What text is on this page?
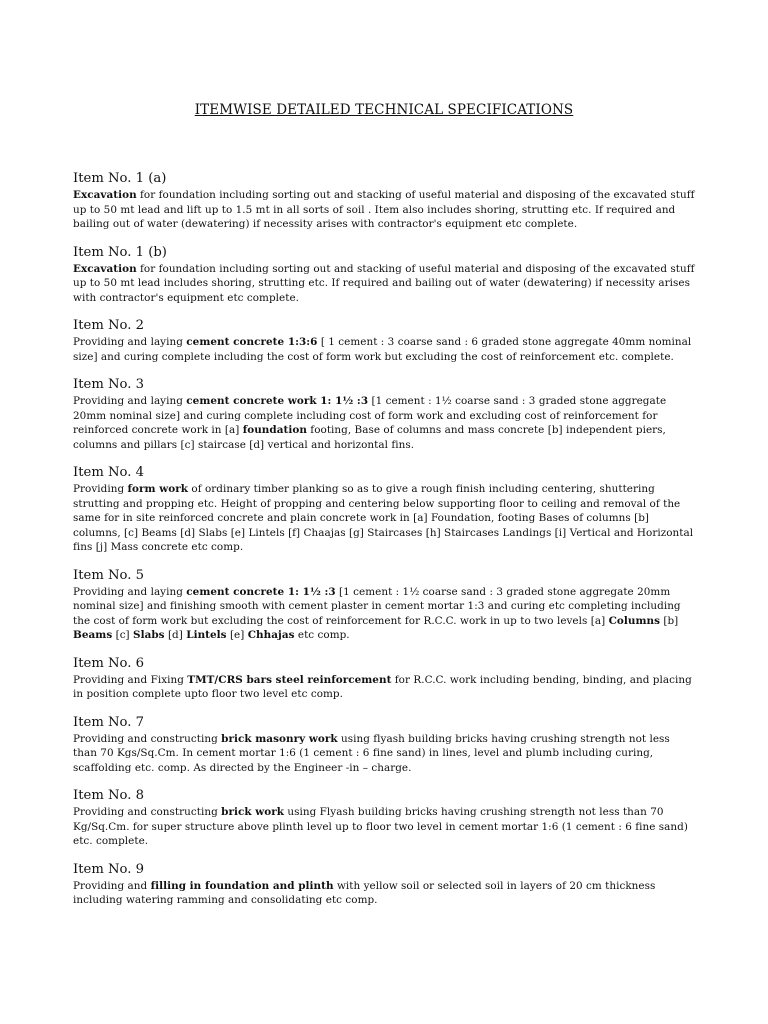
ITEMWISE DETAILED TECHNICAL SPECIFICATIONS
Item No. 1 (a)
Excavation for foundation including sorting out and stacking of useful material and disposing of the excavated stuff up to 50 mt lead and lift up to 1.5 mt in all sorts of soil . Item also includes shoring, strutting etc. If required and bailing out of water (dewatering) if necessity arises with contractor's equipment etc complete.
Item No. 1 (b)
Excavation for foundation including sorting out and stacking of useful material and disposing of the excavated stuff up to 50 mt lead includes shoring, strutting etc. If required and bailing out of water (dewatering) if necessity arises with contractor's equipment etc complete.
Item No. 2
Providing and laying cement concrete 1:3:6 [ 1 cement : 3 coarse sand : 6 graded stone aggregate 40mm nominal size] and curing complete including the cost of form work but excluding the cost of reinforcement etc. complete.
Item No. 3
Providing and laying cement concrete work 1: 1½ :3 [1 cement : 1½ coarse sand : 3 graded stone aggregate 20mm nominal size] and curing complete including cost of form work and excluding cost of reinforcement for reinforced concrete work in [a] foundation footing, Base of columns and mass concrete [b] independent piers, columns and pillars [c] staircase [d] vertical and horizontal fins.
Item No. 4
Providing form work of ordinary timber planking so as to give a rough finish including centering, shuttering strutting and propping etc. Height of propping and centering below supporting floor to ceiling and removal of the same for in site reinforced concrete and plain concrete work in [a] Foundation, footing Bases of columns [b] columns, [c] Beams [d] Slabs [e] Lintels [f] Chaajas [g] Staircases [h] Staircases Landings [i] Vertical and Horizontal fins [j] Mass concrete etc comp.
Item No. 5
Providing and laying cement concrete 1: 1½ :3 [1 cement : 1½ coarse sand : 3 graded stone aggregate 20mm nominal size] and finishing smooth with cement plaster in cement mortar 1:3 and curing etc completing including the cost of form work but excluding the cost of reinforcement for R.C.C. work in up to two levels [a] Columns [b] Beams [c] Slabs [d] Lintels [e] Chhajas etc comp.
Item No. 6
Providing and Fixing TMT/CRS bars steel reinforcement for R.C.C. work including bending, binding, and placing in position complete upto floor two level etc comp.
Item No. 7
Providing and constructing brick masonry work using flyash building bricks having crushing strength not less than 70 Kgs/Sq.Cm. In cement mortar 1:6 (1 cement : 6 fine sand) in lines, level and plumb including curing, scaffolding etc. comp. As directed by the Engineer -in – charge.
Item No. 8
Providing and constructing brick work using Flyash building bricks having crushing strength not less than 70 Kg/Sq.Cm. for super structure above plinth level up to floor two level in cement mortar 1:6 (1 cement : 6 fine sand) etc. complete.
Item No. 9
Providing and filling in foundation and plinth with yellow soil or selected soil in layers of 20 cm thickness including watering ramming and consolidating etc comp.
